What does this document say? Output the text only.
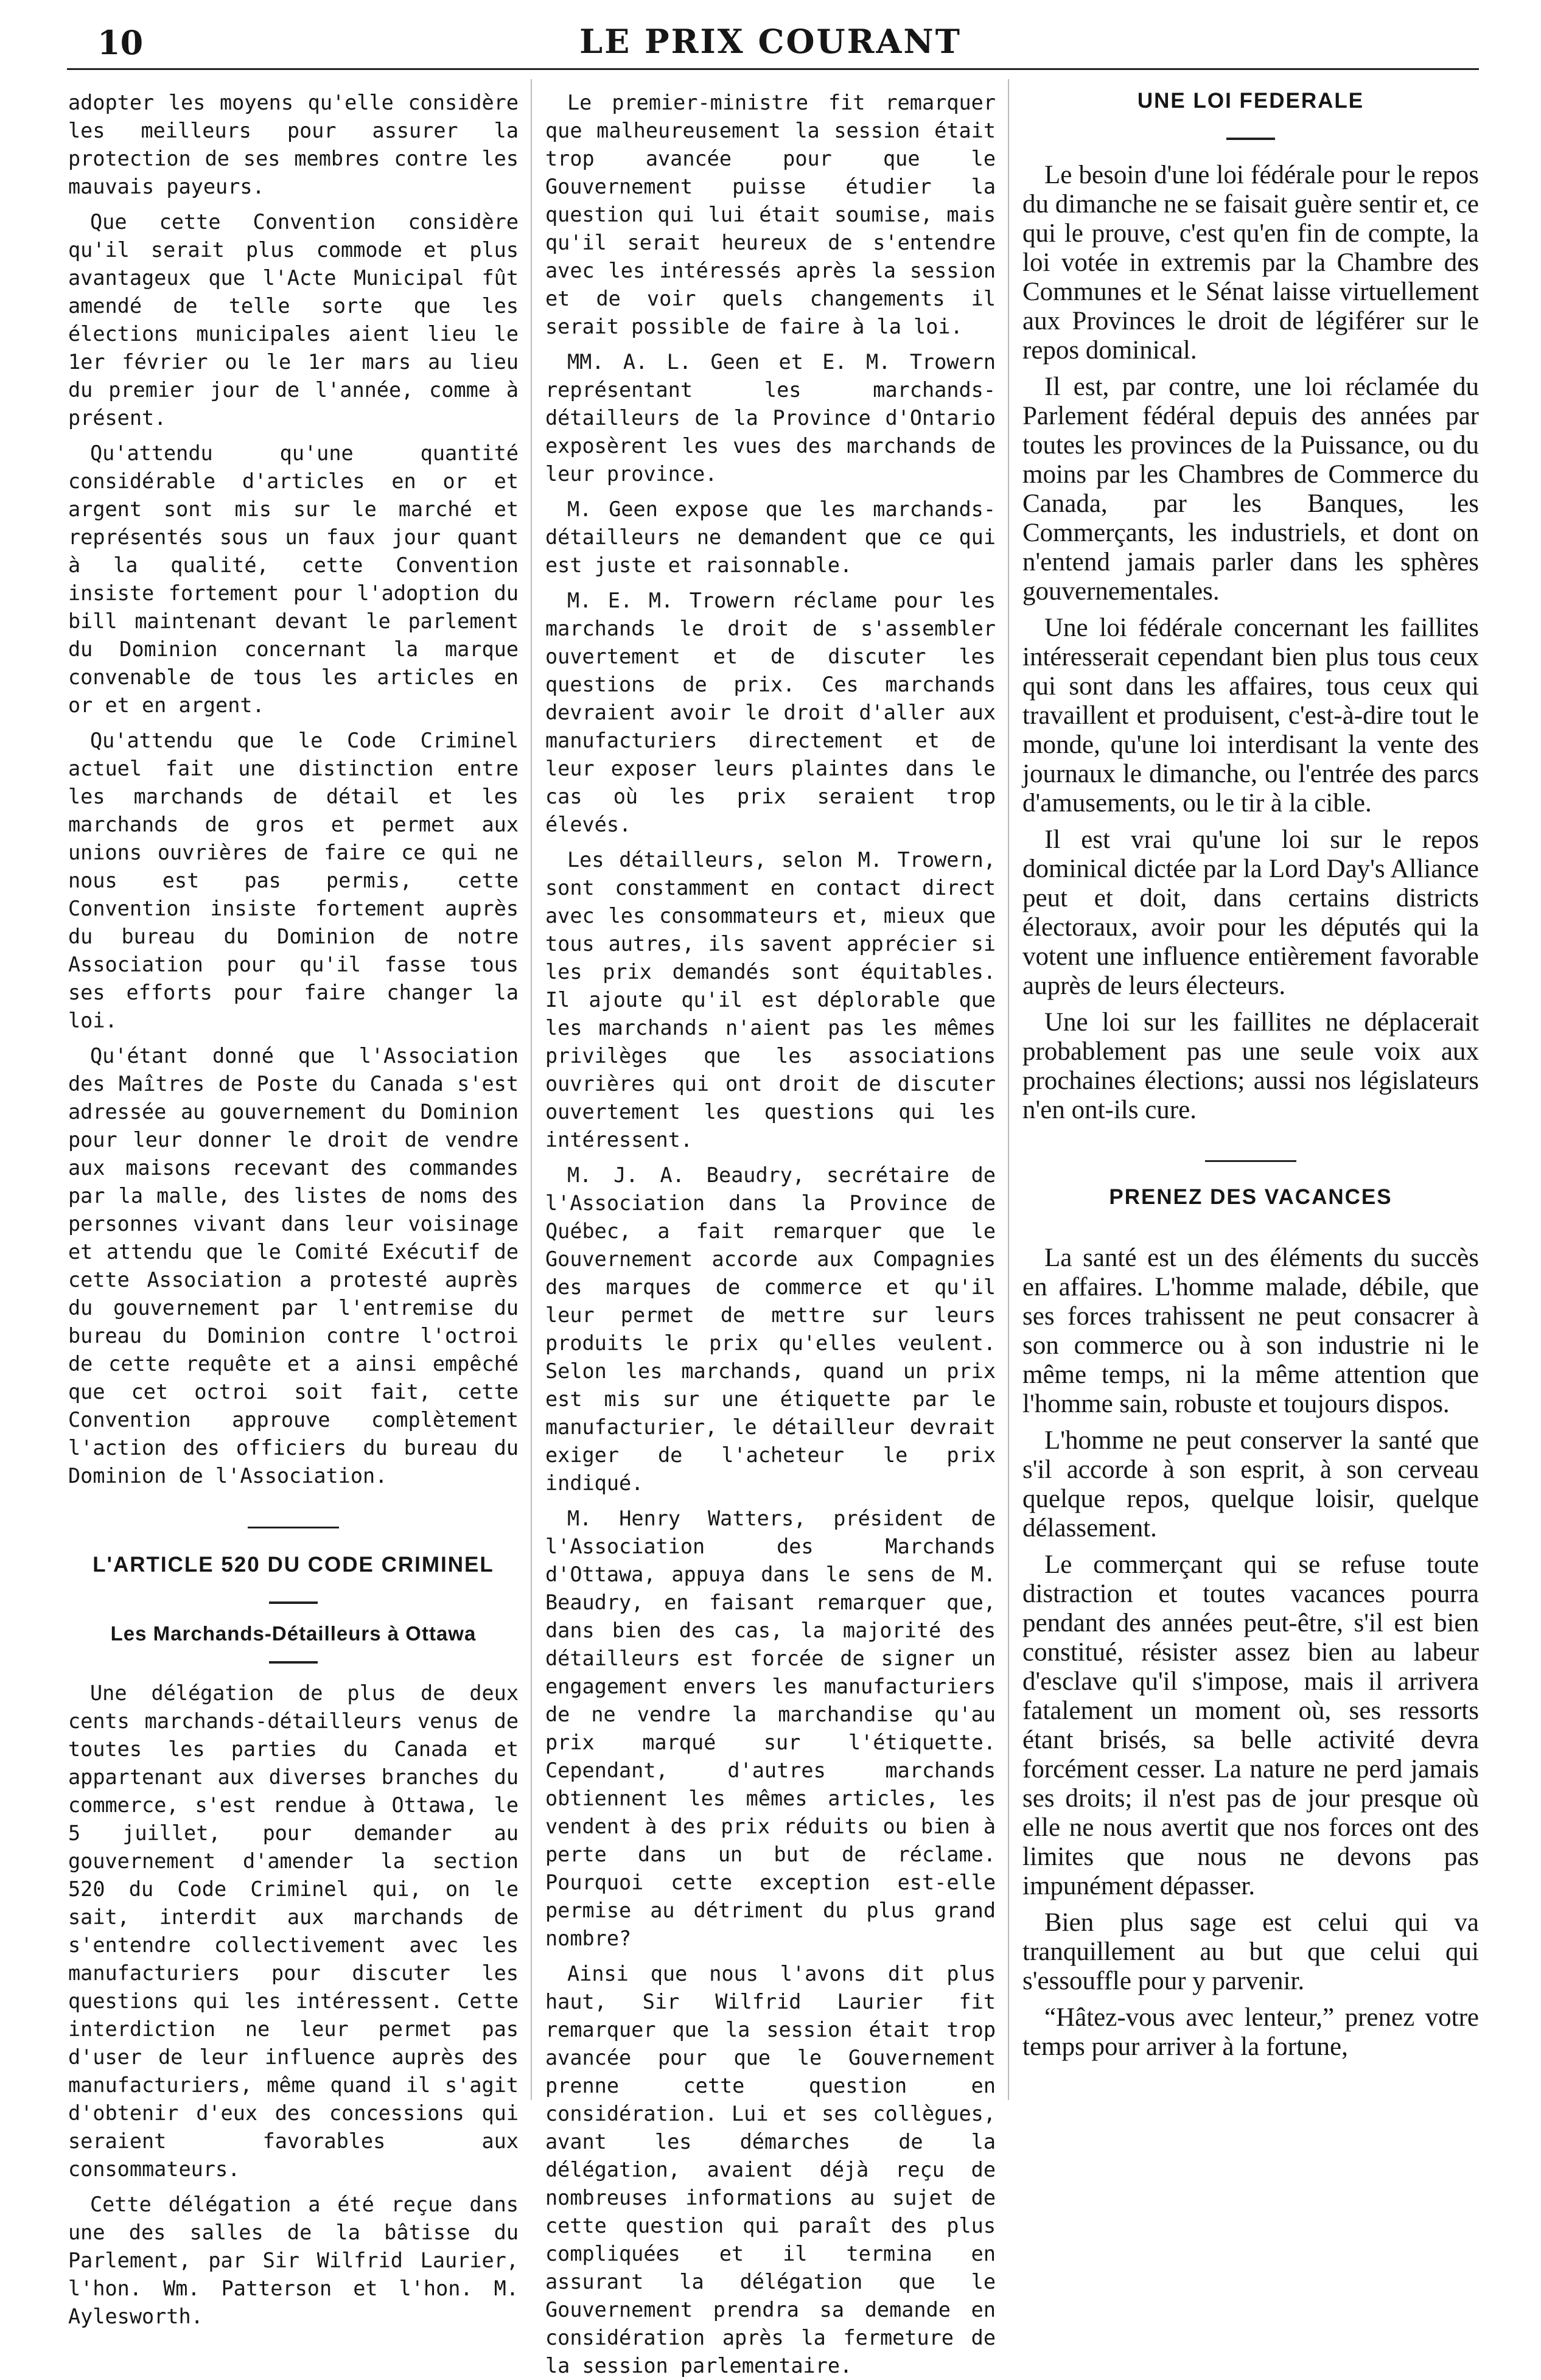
10	LE PRIX COURANT

adopter les moyens qu'elle considère les meilleurs pour assurer la protection de ses membres contre les mauvais payeurs.

Que cette Convention considère qu'il serait plus commode et plus avantageux que l'Acte Municipal fût amendé de telle sorte que les élections municipales aient lieu le 1er février ou le 1er mars au lieu du premier jour de l'année, comme à présent.

Qu'attendu qu'une quantité considérable d'articles en or et argent sont mis sur le marché et représentés sous un faux jour quant à la qualité, cette Convention insiste fortement pour l'adoption du bill maintenant devant le parlement du Dominion concernant la marque convenable de tous les articles en or et en argent.

Qu'attendu que le Code Criminel actuel fait une distinction entre les marchands de détail et les marchands de gros et permet aux unions ouvrières de faire ce qui ne nous est pas permis, cette Convention insiste fortement auprès du bureau du Dominion de notre Association pour qu'il fasse tous ses efforts pour faire changer la loi.

Qu'étant donné que l'Association des Maîtres de Poste du Canada s'est adressée au gouvernement du Dominion pour leur donner le droit de vendre aux maisons recevant des commandes par la malle, des listes de noms des personnes vivant dans leur voisinage et attendu que le Comité Exécutif de cette Association a protesté auprès du gouvernement par l'entremise du bureau du Dominion contre l'octroi de cette requête et a ainsi empêché que cet octroi soit fait, cette Convention approuve complètement l'action des officiers du bureau du Dominion de l'Association.

L'ARTICLE 520 DU CODE CRIMINEL

Les Marchands-Détailleurs à Ottawa

Une délégation de plus de deux cents marchands-détailleurs venus de toutes les parties du Canada et appartenant aux diverses branches du commerce, s'est rendue à Ottawa, le 5 juillet, pour demander au gouvernement d'amender la section 520 du Code Criminel qui, on le sait, interdit aux marchands de s'entendre collectivement avec les manufacturiers pour discuter les questions qui les intéressent. Cette interdiction ne leur permet pas d'user de leur influence auprès des manufacturiers, même quand il s'agit d'obtenir d'eux des concessions qui seraient favorables aux consommateurs.

Cette délégation a été reçue dans une des salles de la bâtisse du Parlement, par Sir Wilfrid Laurier, l'hon. Wm. Patterson et l'hon. M. Aylesworth.

Le premier-ministre fit remarquer que malheureusement la session était trop avancée pour que le Gouvernement puisse étudier la question qui lui était soumise, mais qu'il serait heureux de s'entendre avec les intéressés après la session et de voir quels changements il serait possible de faire à la loi.

MM. A. L. Geen et E. M. Trowern représentant les marchands-détailleurs de la Province d'Ontario exposèrent les vues des marchands de leur province.

M. Geen expose que les marchands-détailleurs ne demandent que ce qui est juste et raisonnable.

M. E. M. Trowern réclame pour les marchands le droit de s'assembler ouvertement et de discuter les questions de prix. Ces marchands devraient avoir le droit d'aller aux manufacturiers directement et de leur exposer leurs plaintes dans le cas où les prix seraient trop élevés.

Les détailleurs, selon M. Trowern, sont constamment en contact direct avec les consommateurs et, mieux que tous autres, ils savent apprécier si les prix demandés sont équitables. Il ajoute qu'il est déplorable que les marchands n'aient pas les mêmes privilèges que les associations ouvrières qui ont droit de discuter ouvertement les questions qui les intéressent.

M. J. A. Beaudry, secrétaire de l'Association dans la Province de Québec, a fait remarquer que le Gouvernement accorde aux Compagnies des marques de commerce et qu'il leur permet de mettre sur leurs produits le prix qu'elles veulent. Selon les marchands, quand un prix est mis sur une étiquette par le manufacturier, le détailleur devrait exiger de l'acheteur le prix indiqué.

M. Henry Watters, président de l'Association des Marchands d'Ottawa, appuya dans le sens de M. Beaudry, en faisant remarquer que, dans bien des cas, la majorité des détailleurs est forcée de signer un engagement envers les manufacturiers de ne vendre la marchandise qu'au prix marqué sur l'étiquette. Cependant, d'autres marchands obtiennent les mêmes articles, les vendent à des prix réduits ou bien à perte dans un but de réclame. Pourquoi cette exception est-elle permise au détriment du plus grand nombre?

Ainsi que nous l'avons dit plus haut, Sir Wilfrid Laurier fit remarquer que la session était trop avancée pour que le Gouvernement prenne cette question en considération. Lui et ses collègues, avant les démarches de la délégation, avaient déjà reçu de nombreuses informations au sujet de cette question qui paraît des plus compliquées et il termina en assurant la délégation que le Gouvernement prendra sa demande en considération après la fermeture de la session parlementaire.

UNE LOI FEDERALE

Le besoin d'une loi fédérale pour le repos du dimanche ne se faisait guère sentir et, ce qui le prouve, c'est qu'en fin de compte, la loi votée in extremis par la Chambre des Communes et le Sénat laisse virtuellement aux Provinces le droit de légiférer sur le repos dominical.

Il est, par contre, une loi réclamée du Parlement fédéral depuis des années par toutes les provinces de la Puissance, ou du moins par les Chambres de Commerce du Canada, par les Banques, les Commerçants, les industriels, et dont on n'entend jamais parler dans les sphères gouvernementales.

Une loi fédérale concernant les faillites intéresserait cependant bien plus tous ceux qui sont dans les affaires, tous ceux qui travaillent et produisent, c'est-à-dire tout le monde, qu'une loi interdisant la vente des journaux le dimanche, ou l'entrée des parcs d'amusements, ou le tir à la cible.

Il est vrai qu'une loi sur le repos dominical dictée par la Lord Day's Alliance peut et doit, dans certains districts électoraux, avoir pour les députés qui la votent une influence entièrement favorable auprès de leurs électeurs.

Une loi sur les faillites ne déplacerait probablement pas une seule voix aux prochaines élections; aussi nos législateurs n'en ont-ils cure.

PRENEZ DES VACANCES

La santé est un des éléments du succès en affaires. L'homme malade, débile, que ses forces trahissent ne peut consacrer à son commerce ou à son industrie ni le même temps, ni la même attention que l'homme sain, robuste et toujours dispos.

L'homme ne peut conserver la santé que s'il accorde à son esprit, à son cerveau quelque repos, quelque loisir, quelque délassement.

Le commerçant qui se refuse toute distraction et toutes vacances pourra pendant des années peut-être, s'il est bien constitué, résister assez bien au labeur d'esclave qu'il s'impose, mais il arrivera fatalement un moment où, ses ressorts étant brisés, sa belle activité devra forcément cesser. La nature ne perd jamais ses droits; il n'est pas de jour presque où elle ne nous avertit que nos forces ont des limites que nous ne devons pas impunément dépasser.

Bien plus sage est celui qui va tranquillement au but que celui qui s'essouffle pour y parvenir.

“Hâtez-vous avec lenteur,” prenez votre temps pour arriver à la fortune,
